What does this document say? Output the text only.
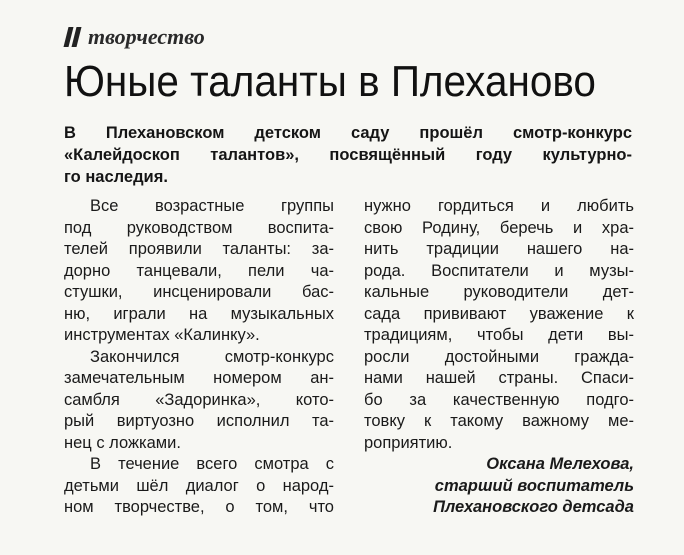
творчество
Юные таланты в Плеханово
В Плехановском детском саду прошёл смотр-конкурс
«Калейдоскоп талантов», посвящённый году культурно-
го наследия.
Все возрастные группы
под руководством воспита-
телей проявили таланты: за-
дорно танцевали, пели ча-
стушки, инсценировали бас-
ню, играли на музыкальных
инструментах «Калинку».
Закончился смотр-конкурс
замечательным номером ан-
самбля «Задоринка», кото-
рый виртуозно исполнил та-
нец с ложками.
В течение всего смотра с
детьми шёл диалог о народ-
ном творчестве, о том, что
нужно гордиться и любить
свою Родину, беречь и хра-
нить традиции нашего на-
рода. Воспитатели и музы-
кальные руководители дет-
сада прививают уважение к
традициям, чтобы дети вы-
росли достойными гражда-
нами нашей страны. Спаси-
бо за качественную подго-
товку к такому важному ме-
роприятию.
Оксана Мелехова,
старший воспитатель
Плехановского детсада
